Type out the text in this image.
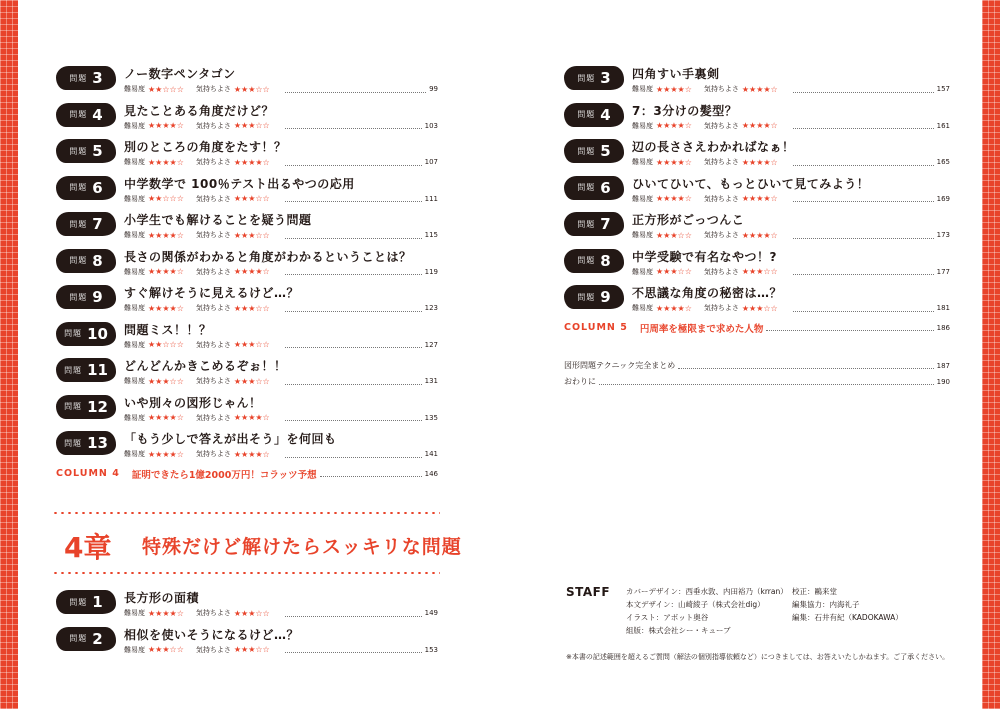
問題 3 ノー数字ペンタゴン
難易度 ★★☆☆☆ 気持ちよさ ★★★☆☆	99
問題 4 見たことある角度だけど？
難易度 ★★★★☆ 気持ちよさ ★★★☆☆	103
問題 5 別のところの角度をたす！？
難易度 ★★★★☆ 気持ちよさ ★★★★☆	107
問題 6 中学数学で 100％テスト出るやつの応用
難易度 ★★☆☆☆ 気持ちよさ ★★★☆☆	111
問題 7 小学生でも解けることを疑う問題
難易度 ★★★★☆ 気持ちよさ ★★★☆☆	115
問題 8 長さの関係がわかると角度がわかるということは？
難易度 ★★★★☆ 気持ちよさ ★★★★☆	119
問題 9 すぐ解けそうに見えるけど…？
難易度 ★★★★☆ 気持ちよさ ★★★☆☆	123
問題 10 問題ミス！！？
難易度 ★★☆☆☆ 気持ちよさ ★★★☆☆	127
問題 11 どんどんかきこめるぞぉ！！
難易度 ★★★☆☆ 気持ちよさ ★★★☆☆	131
問題 12 いや別々の図形じゃん！
難易度 ★★★★☆ 気持ちよさ ★★★★☆	135
問題 13 「もう少しで答えが出そう」を何回も
難易度 ★★★★☆ 気持ちよさ ★★★★☆	141
COLUMN 4 証明できたら1億2000万円！コラッツ予想	146
問題 3 四角すい手裏剣
難易度 ★★★★☆ 気持ちよさ ★★★★☆	157
問題 4 7：3分けの髪型？
難易度 ★★★★☆ 気持ちよさ ★★★★☆	161
問題 5 辺の長ささえわかればなぁ！
難易度 ★★★★☆ 気持ちよさ ★★★★☆	165
問題 6 ひいてひいて、もっとひいて見てみよう！
難易度 ★★★★☆ 気持ちよさ ★★★★☆	169
問題 7 正方形がごっつんこ
難易度 ★★★☆☆ 気持ちよさ ★★★★☆	173
問題 8 中学受験で有名なやつ！?
難易度 ★★★☆☆ 気持ちよさ ★★★☆☆	177
問題 9 不思議な角度の秘密は…？
難易度 ★★★★☆ 気持ちよさ ★★★☆☆	181
COLUMN 5 円周率を極限まで求めた人物	186
図形問題テクニック完全まとめ	187
おわりに	190
4章 特殊だけど解けたらスッキリな問題
問題 1 長方形の面積
難易度 ★★★★☆ 気持ちよさ ★★★☆☆	149
問題 2 相似を使いそうになるけど…？
難易度 ★★★☆☆ 気持ちよさ ★★★☆☆	153
STAFF カバーデザイン：西垂水敦、内田裕乃（krran）
本文デザイン：山崎綾子（株式会社dig）
イラスト：アボット奥谷
組版：株式会社シー・キューブ
校正：鷗来堂
編集協力：内海礼子
編集：石井有紀（KADOKAWA）
※本書の記述範囲を超えるご質問（解法の個別指導依頼など）につきましては、お答えいたしかねます。ご了承ください。
